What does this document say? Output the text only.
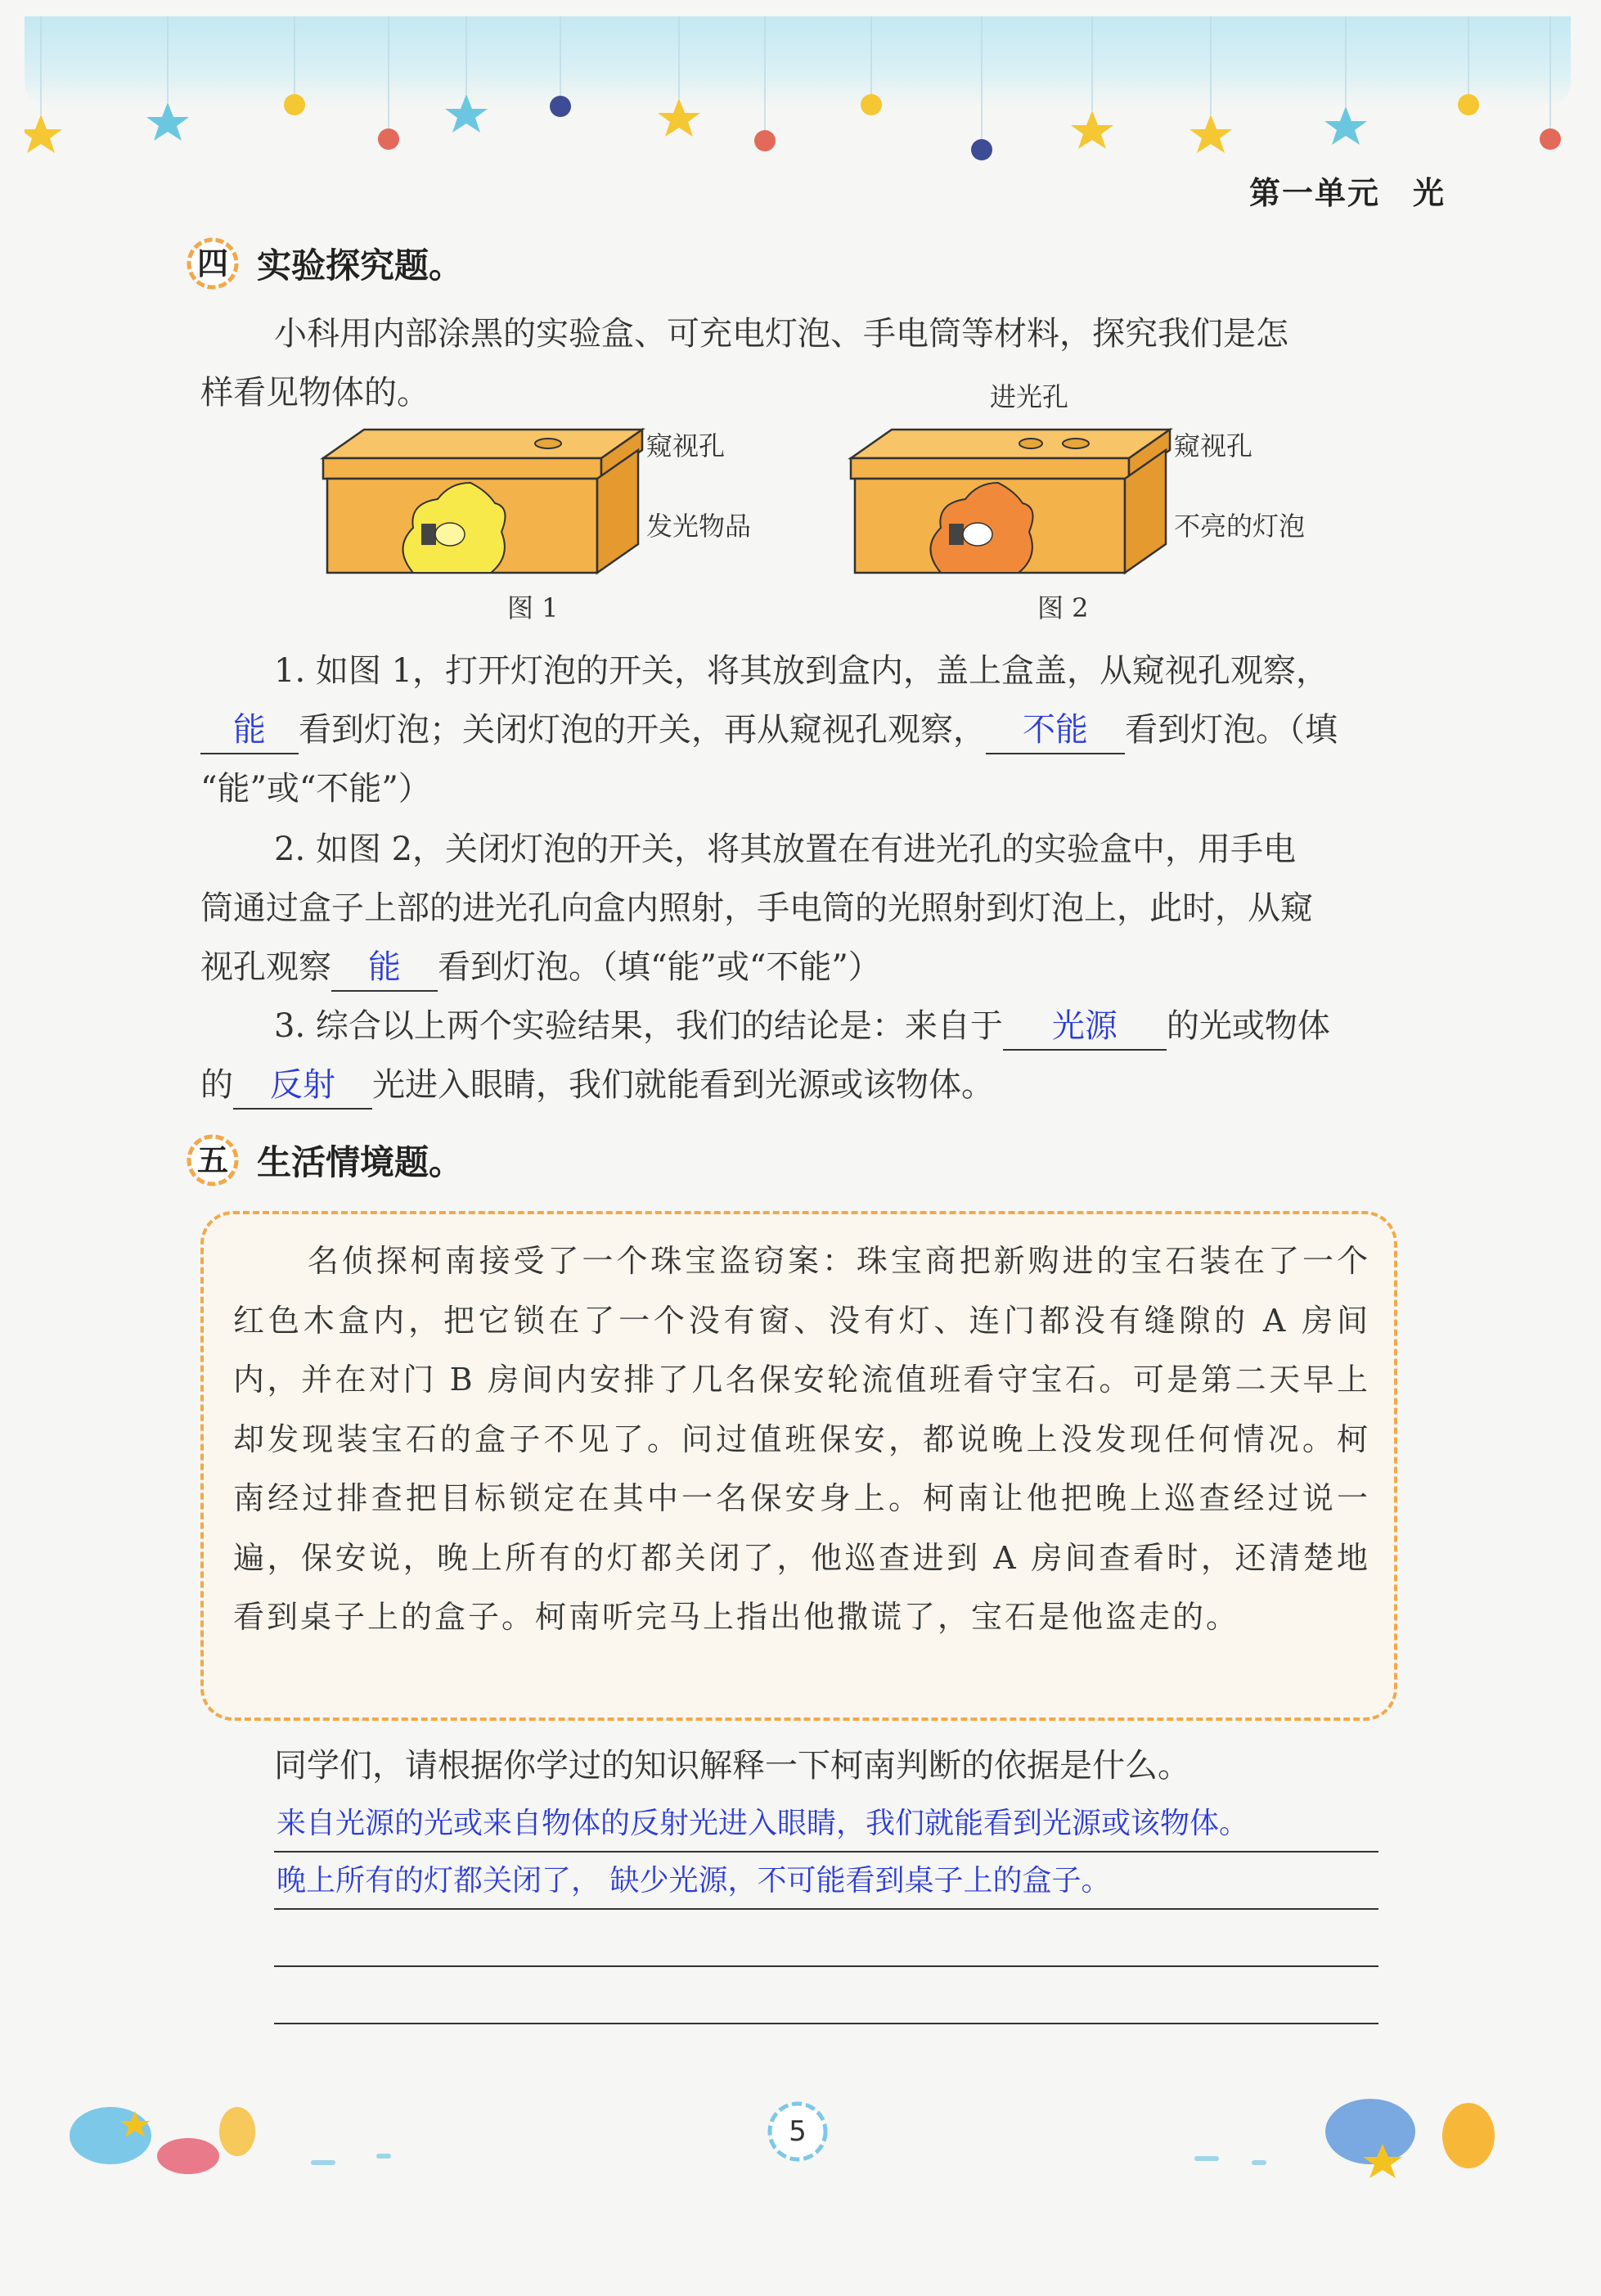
第一单元　光
四 实验探究题。
小科用内部涂黑的实验盒、可充电灯泡、手电筒等材料，探究我们是怎
样看见物体的。
窥视孔
发光物品
图 1
进光孔
窥视孔
不亮的灯泡
图 2
1. 如图 1，打开灯泡的开关，将其放到盒内，盖上盒盖，从窥视孔观察，
能 看到灯泡；关闭灯泡的开关，再从窥视孔观察， 不能 看到灯泡。（填
“能”或“不能”）
2. 如图 2，关闭灯泡的开关，将其放置在有进光孔的实验盒中，用手电
筒通过盒子上部的进光孔向盒内照射，手电筒的光照射到灯泡上，此时，从窥
视孔观察 能 看到灯泡。（填“能”或“不能”）
3. 综合以上两个实验结果，我们的结论是：来自于 光源 的光或物体
的 反射 光进入眼睛，我们就能看到光源或该物体。
五 生活情境题。
名侦探柯南接受了一个珠宝盗窃案：珠宝商把新购进的宝石装在了一个红色木盒内，把它锁在了一个没有窗、没有灯、连门都没有缝隙的 A 房间内，并在对门 B 房间内安排了几名保安轮流值班看守宝石。可是第二天早上却发现装宝石的盒子不见了。问过值班保安，都说晚上没发现任何情况。柯南经过排查把目标锁定在其中一名保安身上。柯南让他把晚上巡查经过说一遍，保安说，晚上所有的灯都关闭了，他巡查进到 A 房间查看时，还清楚地看到桌子上的盒子。柯南听完马上指出他撒谎了，宝石是他盗走的。
同学们，请根据你学过的知识解释一下柯南判断的依据是什么。
来自光源的光或来自物体的反射光进入眼睛，我们就能看到光源或该物体。
晚上所有的灯都关闭了， 缺少光源，不可能看到桌子上的盒子。
5
